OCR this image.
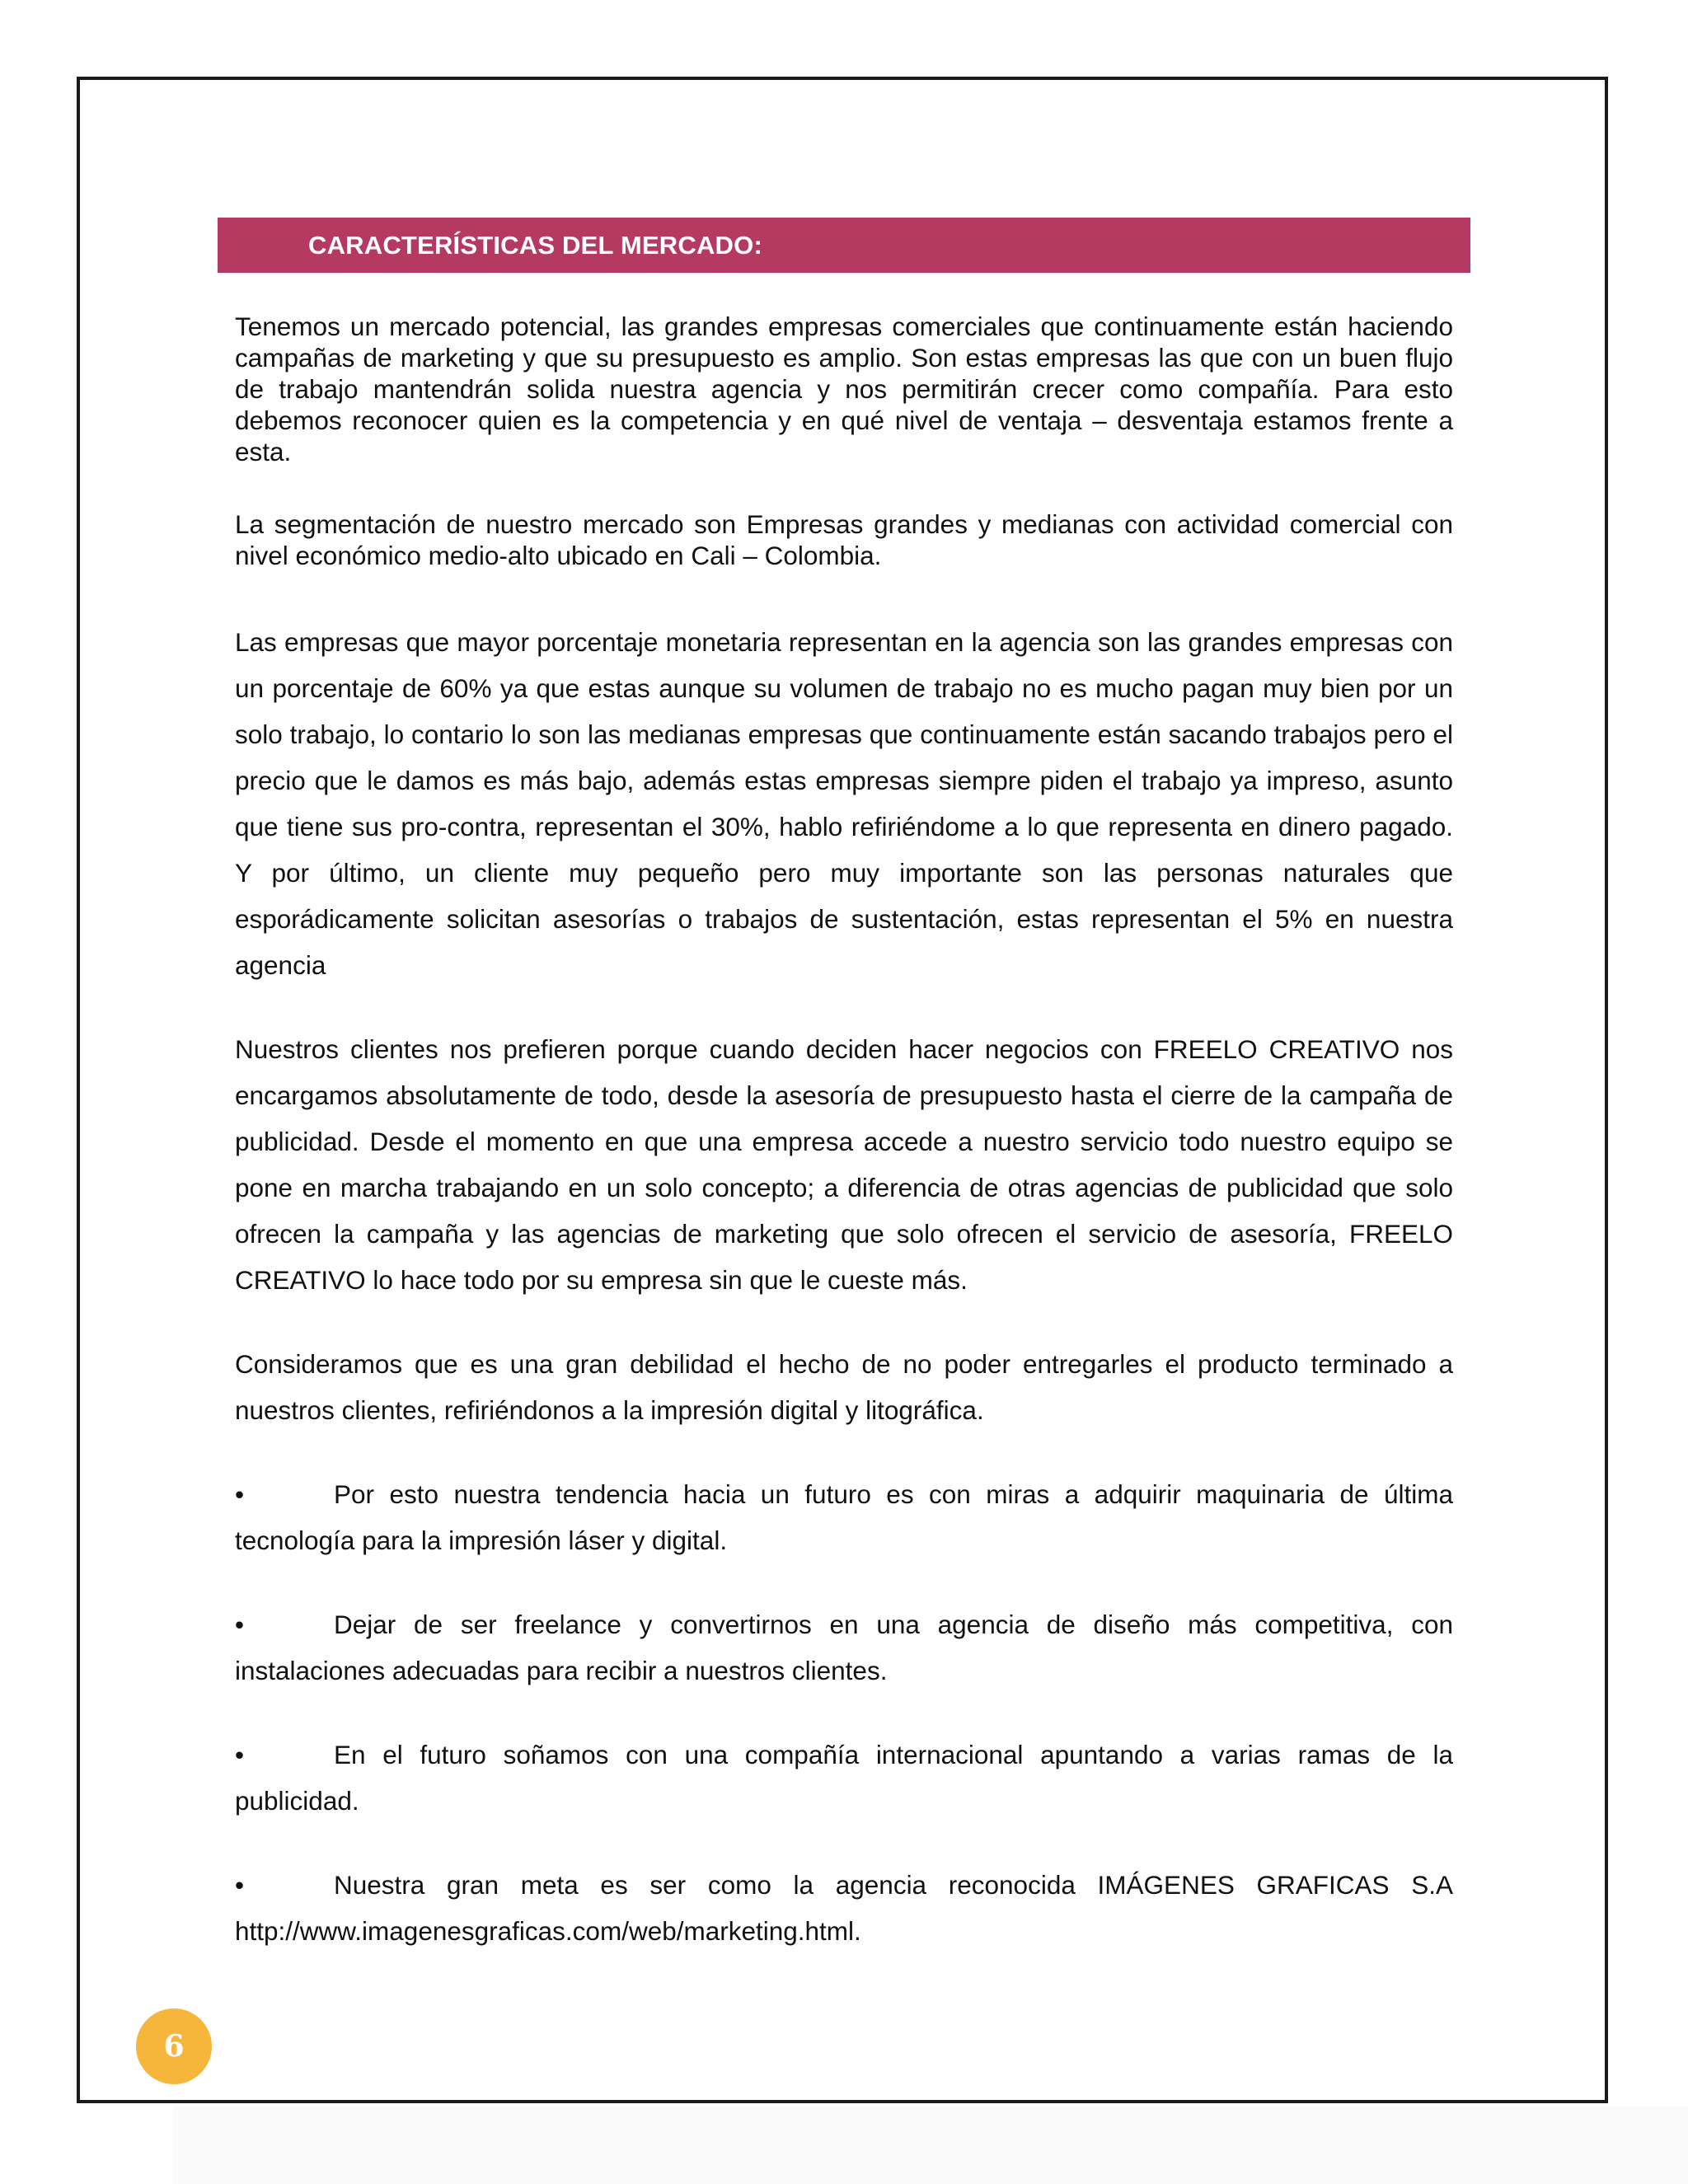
CARACTERÍSTICAS DEL MERCADO:

Tenemos un mercado potencial, las grandes empresas comerciales que continuamente están haciendo campañas de marketing y que su presupuesto es amplio. Son estas empresas las que con un buen flujo de trabajo mantendrán solida nuestra agencia y nos permitirán crecer como compañía. Para esto debemos reconocer quien es la competencia y en qué nivel de ventaja – desventaja estamos frente a esta.

La segmentación de nuestro mercado son Empresas grandes y medianas con actividad comercial con nivel económico medio-alto ubicado en Cali – Colombia.

Las empresas que mayor porcentaje monetaria representan en la agencia son las grandes empresas con un porcentaje de 60% ya que estas aunque su volumen de trabajo no es mucho pagan muy bien por un solo trabajo, lo contario lo son las medianas empresas que continuamente están sacando trabajos pero el precio que le damos es más bajo, además estas empresas siempre piden el trabajo ya impreso, asunto que tiene sus pro-contra, representan el 30%, hablo refiriéndome a lo que representa en dinero pagado. Y por último, un cliente muy pequeño pero muy importante son las personas naturales que esporádicamente solicitan asesorías o trabajos de sustentación, estas representan el 5% en nuestra agencia

Nuestros clientes nos prefieren porque cuando deciden hacer negocios con FREELO CREATIVO nos encargamos absolutamente de todo, desde la asesoría de presupuesto hasta el cierre de la campaña de publicidad. Desde el momento en que una empresa accede a nuestro servicio todo nuestro equipo se pone en marcha trabajando en un solo concepto; a diferencia de otras agencias de publicidad que solo ofrecen la campaña y las agencias de marketing que solo ofrecen el servicio de asesoría, FREELO CREATIVO lo hace todo por su empresa sin que le cueste más.

Consideramos que es una gran debilidad el hecho de no poder entregarles el producto terminado a nuestros clientes, refiriéndonos a la impresión digital y litográfica.

•	Por esto nuestra tendencia hacia un futuro es con miras a adquirir maquinaria de última tecnología para la impresión láser y digital.

•	Dejar de ser freelance y convertirnos en una agencia de diseño más competitiva, con instalaciones adecuadas para recibir a nuestros clientes.

•	En el futuro soñamos con una compañía internacional apuntando a varias ramas de la publicidad.

•	Nuestra gran meta es ser como la agencia reconocida IMÁGENES GRAFICAS S.A http://www.imagenesgraficas.com/web/marketing.html.

6
